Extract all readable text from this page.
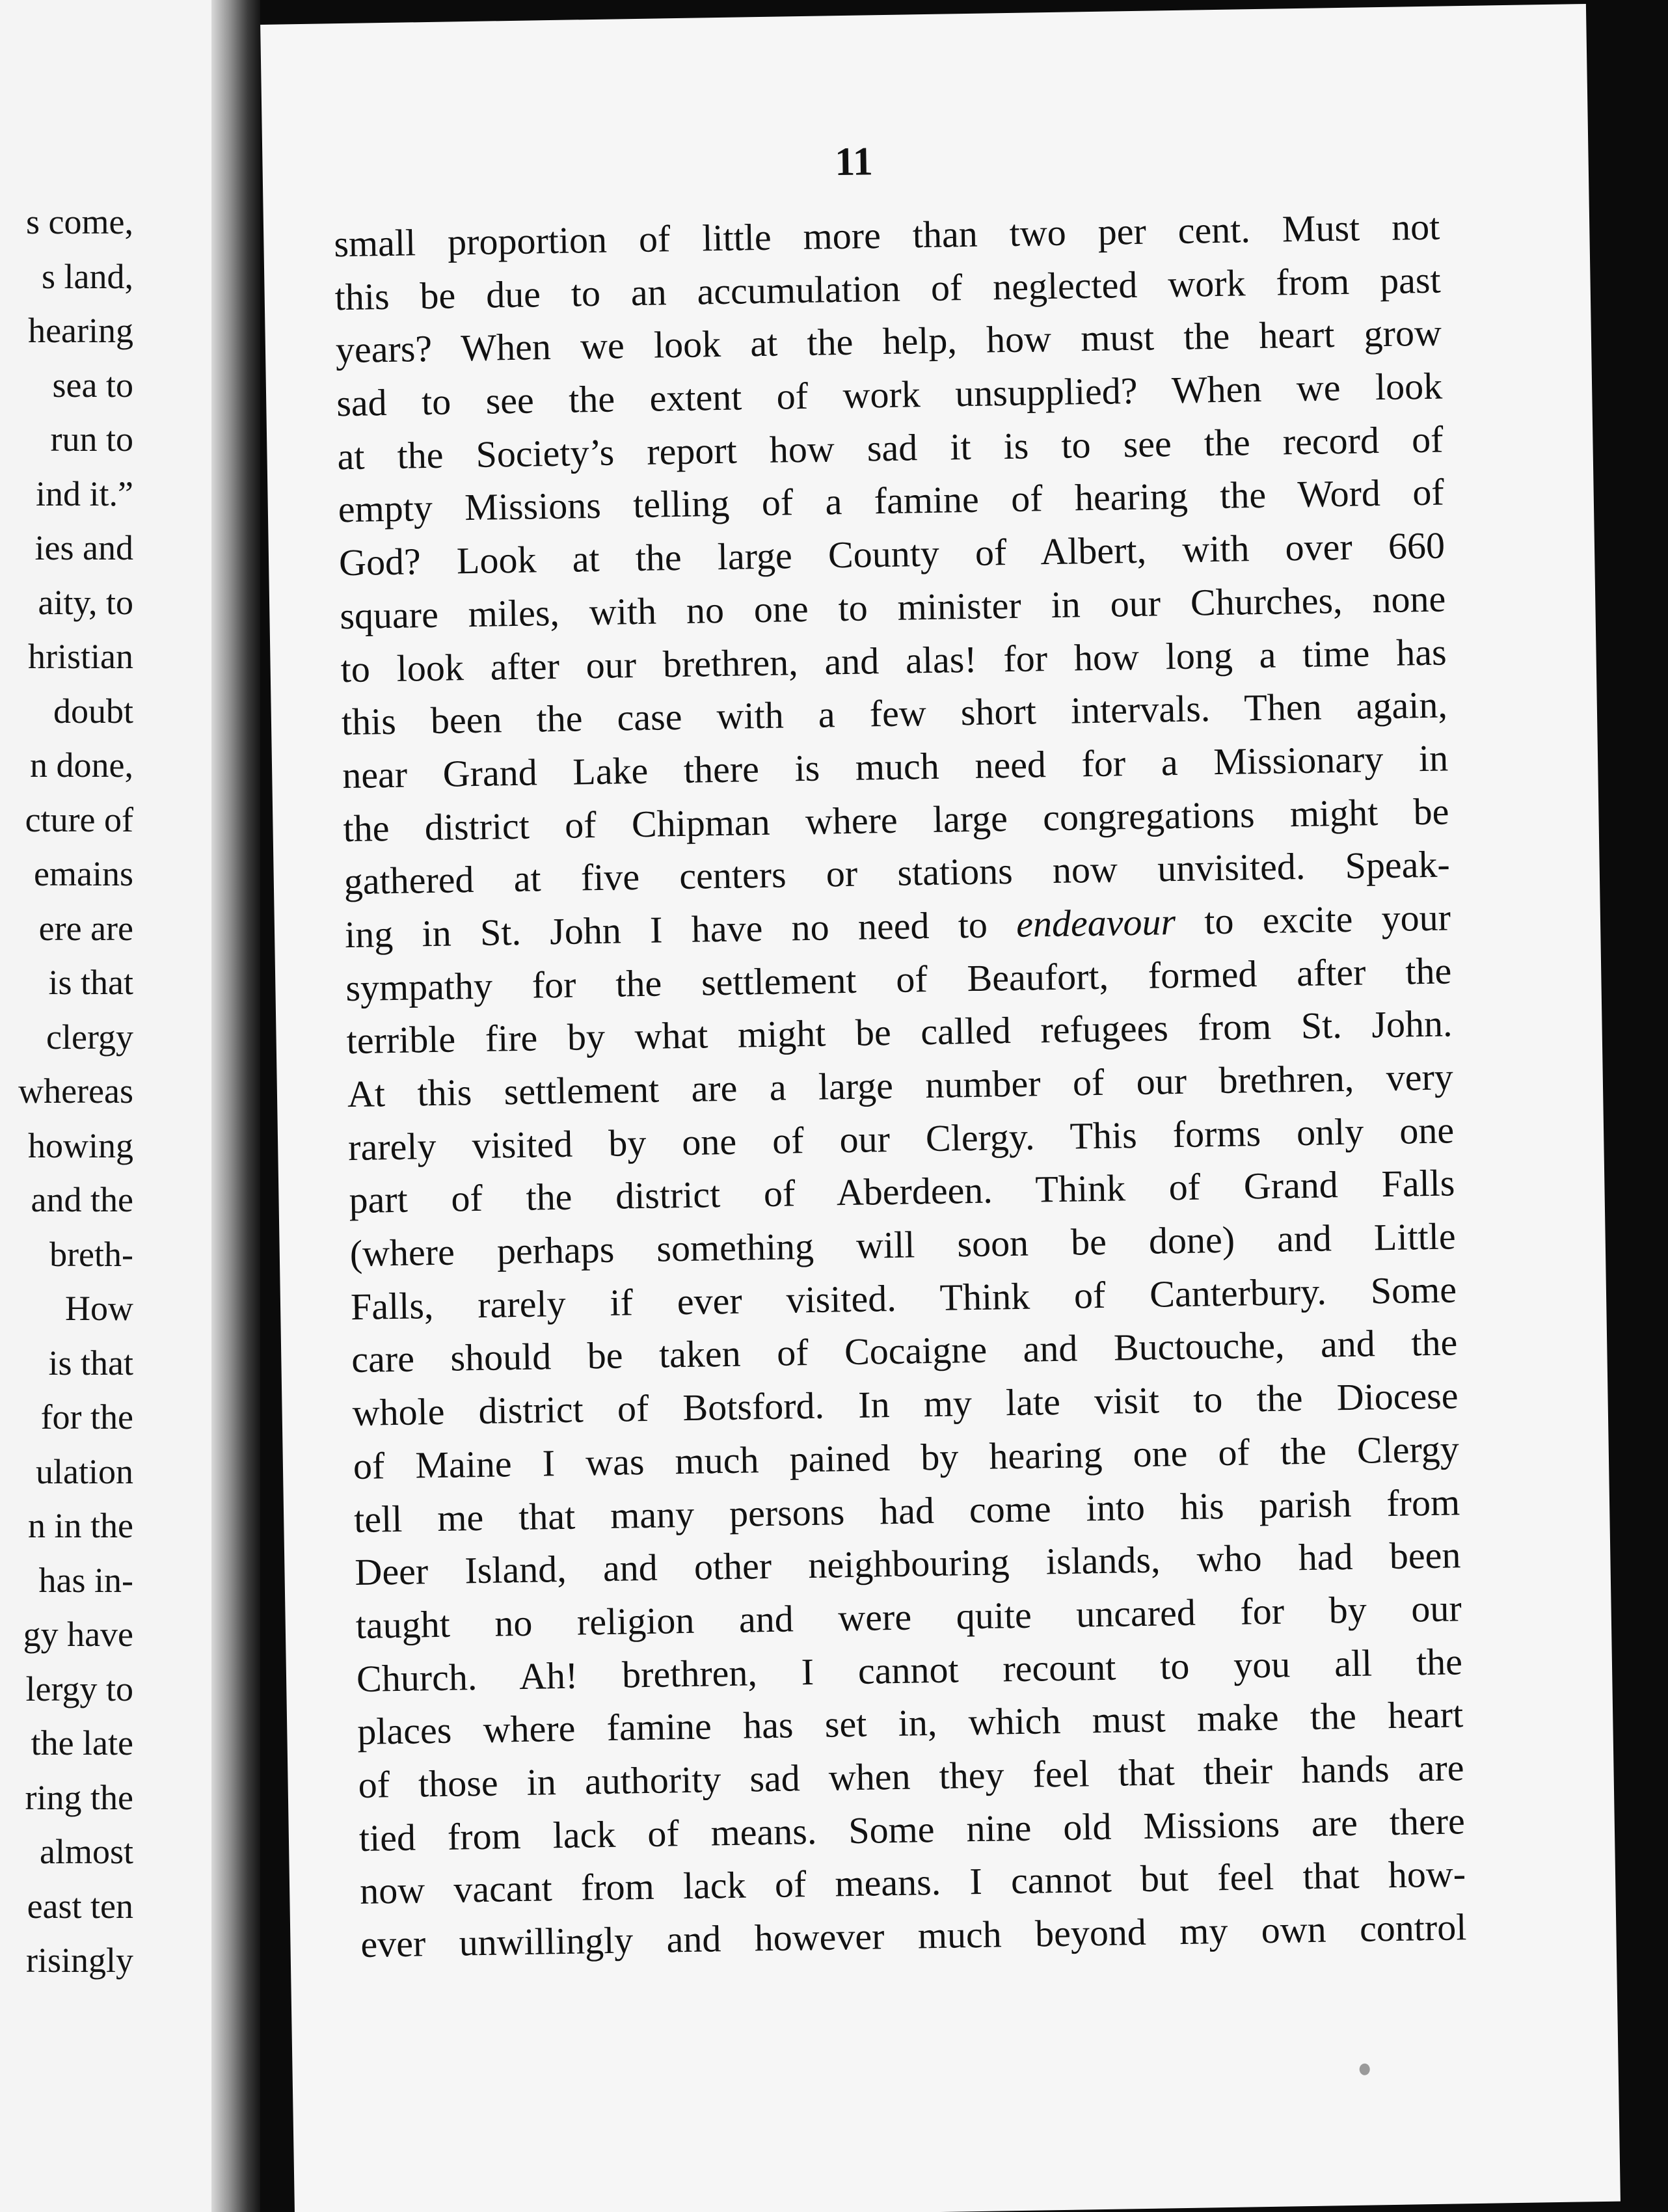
s come,
s land,
hearing
sea to
run to
ind it.”
ies and
aity, to
hristian
doubt
n done,
cture of
emains
ere are
is that
clergy
whereas
howing
and the
breth-
How
is that
for the
ulation
n in the
has in-
gy have
lergy to
the late
ring the
almost
east ten
risingly
11
small proportion of little more than two per cent. Must not
this be due to an accumulation of neglected work from past
years? When we look at the help, how must the heart grow
sad to see the extent of work unsupplied? When we look
at the Society’s report how sad it is to see the record of
empty Missions telling of a famine of hearing the Word of
God? Look at the large County of Albert, with over 660
square miles, with no one to minister in our Churches, none
to look after our brethren, and alas! for how long a time has
this been the case with a few short intervals. Then again,
near Grand Lake there is much need for a Missionary in
the district of Chipman where large congregations might be
gathered at five centers or stations now unvisited. Speak-
ing in St. John I have no need to endeavour to excite your
sympathy for the settlement of Beaufort, formed after the
terrible fire by what might be called refugees from St. John.
At this settlement are a large number of our brethren, very
rarely visited by one of our Clergy. This forms only one
part of the district of Aberdeen. Think of Grand Falls
(where perhaps something will soon be done) and Little
Falls, rarely if ever visited. Think of Canterbury. Some
care should be taken of Cocaigne and Buctouche, and the
whole district of Botsford. In my late visit to the Diocese
of Maine I was much pained by hearing one of the Clergy
tell me that many persons had come into his parish from
Deer Island, and other neighbouring islands, who had been
taught no religion and were quite uncared for by our
Church. Ah! brethren, I cannot recount to you all the
places where famine has set in, which must make the heart
of those in authority sad when they feel that their hands are
tied from lack of means. Some nine old Missions are there
now vacant from lack of means. I cannot but feel that how-
ever unwillingly and however much beyond my own control
